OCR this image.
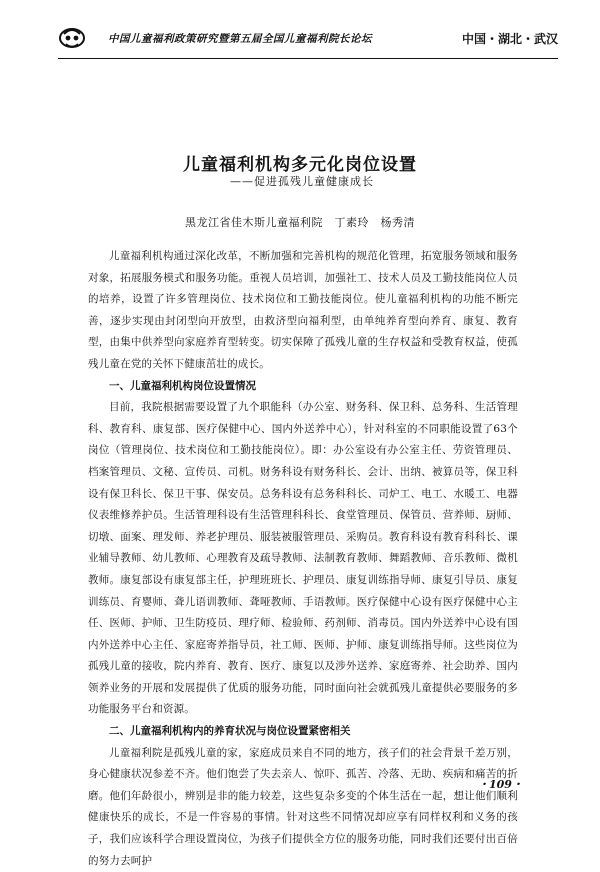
中国儿童福利政策研究暨第五届全国儿童福利院长论坛	中国・湖北・武汉
儿童福利机构多元化岗位设置
——促进孤残儿童健康成长
黑龙江省佳木斯儿童福利院　丁素玲　杨秀清

儿童福利机构通过深化改革，不断加强和完善机构的规范化管理，拓宽服务领域和服务对象，拓展服务模式和服务功能。重视人员培训，加强社工、技术人员及工勤技能岗位人员的培养，设置了许多管理岗位、技术岗位和工勤技能岗位。使儿童福利机构的功能不断完善，逐步实现由封闭型向开放型，由救济型向福利型，由单纯养育型向养育、康复、教育型，由集中供养型向家庭养育型转变。切实保障了孤残儿童的生存权益和受教育权益，使孤残儿童在党的关怀下健康茁壮的成长。

一、儿童福利机构岗位设置情况

目前，我院根据需要设置了九个职能科（办公室、财务科、保卫科、总务科、生活管理科、教育科、康复部、医疗保健中心、国内外送养中心），针对科室的不同职能设置了63个岗位（管理岗位、技术岗位和工勤技能岗位）。即：办公室设有办公室主任、劳资管理员、档案管理员、文秘、宣传员、司机。财务科设有财务科长、会计、出纳、被算员等，保卫科设有保卫科长、保卫干事、保安员。总务科设有总务科科长、司炉工、电工、水暖工、电器仪表维修养护员。生活管理科设有生活管理科科长、食堂管理员、保管员、营养师、厨师、切墩、面案、理发师、养老护理员、服装被服管理员、采购员。教育科设有教育科科长、课业辅导教师、幼儿教师、心理教育及疏导教师、法制教育教师、舞蹈教师、音乐教师、微机教师。康复部设有康复部主任，护理班班长、护理员、康复训练指导师、康复引导员、康复训练员、育婴师、聋儿语训教师、聋哑教师、手语教师。医疗保健中心设有医疗保健中心主任、医师、护师、卫生防疫员、理疗师、检验师、药剂师、消毒员。国内外送养中心设有国内外送养中心主任、家庭寄养指导员，社工师、医师、护师、康复训练指导师。这些岗位为孤残儿童的接收，院内养育、教育、医疗、康复以及涉外送养、家庭寄养、社会助养、国内领养业务的开展和发展提供了优质的服务功能，同时面向社会就孤残儿童提供必要服务的多功能服务平台和资源。

二、儿童福利机构内的养育状况与岗位设置紧密相关

儿童福利院是孤残儿童的家，家庭成员来自不同的地方，孩子们的社会背景千差万别，身心健康状况参差不齐。他们饱尝了失去亲人、惊吓、孤苦、冷落、无助、疾病和痛苦的折磨。他们年龄很小，辨别是非的能力较差，这些复杂多变的个体生活在一起，想让他们顺利健康快乐的成长，不是一件容易的事情。针对这些不同情况却应享有同样权利和义务的孩子，我们应该科学合理设置岗位，为孩子们提供全方位的服务功能，同时我们还要付出百倍的努力去呵护

・109・
